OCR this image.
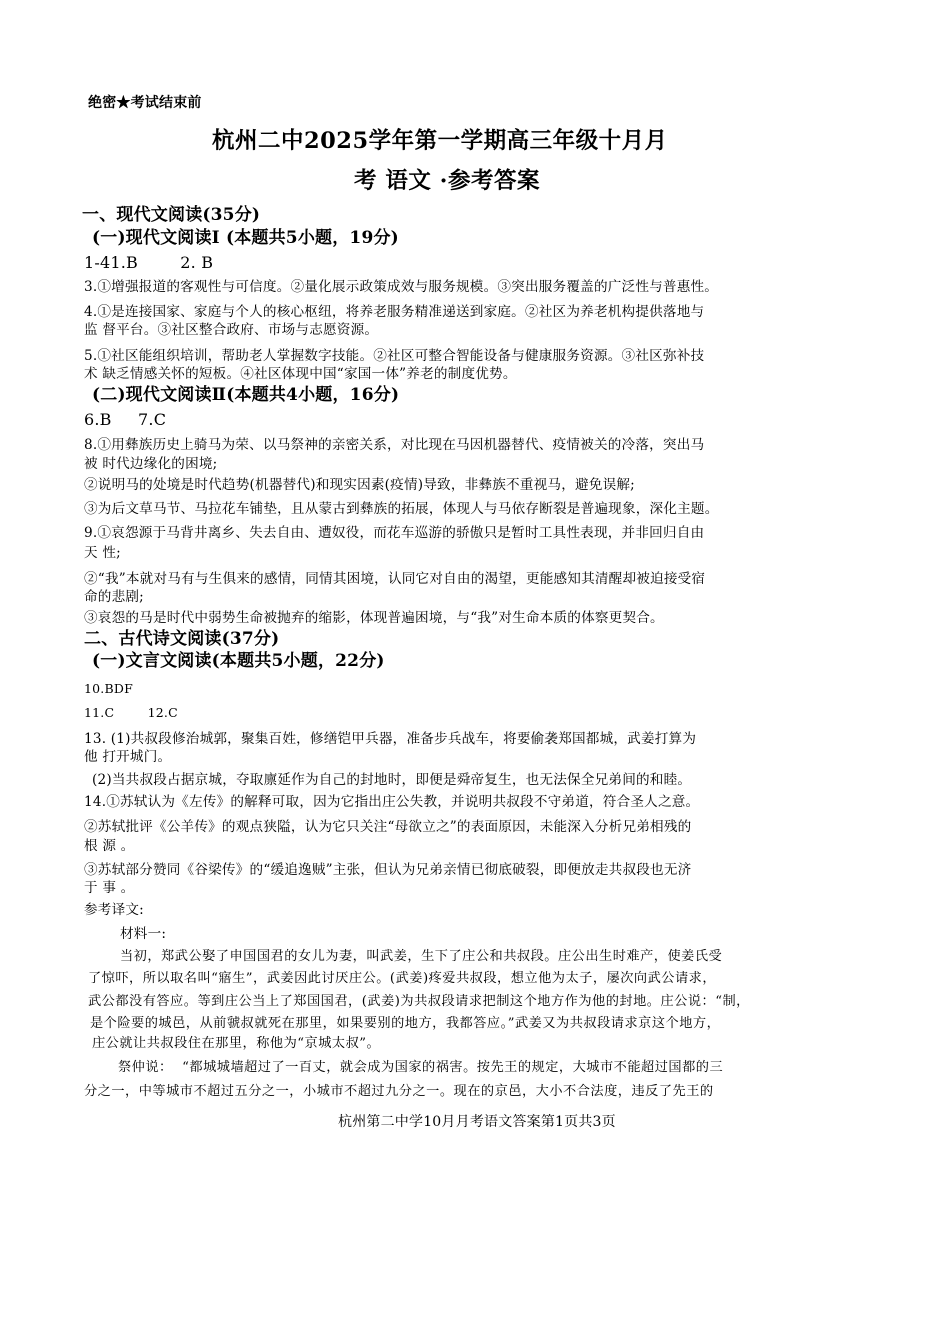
绝密★考试结束前
杭州二中2025学年第一学期高三年级十月月
考 语文 ·参考答案
一、现代文阅读(35分)
(一)现代文阅读Ⅰ (本题共5小题，19分)
1-41.B        2. B
3.①增强报道的客观性与可信度。②量化展示政策成效与服务规模。③突出服务覆盖的广泛性与普惠性。
4.①是连接国家、家庭与个人的核心枢纽，将养老服务精准递送到家庭。②社区为养老机构提供落地与
监 督平台。③社区整合政府、市场与志愿资源。
5.①社区能组织培训，帮助老人掌握数字技能。②社区可整合智能设备与健康服务资源。③社区弥补技
术 缺乏情感关怀的短板。④社区体现中国“家国一体”养老的制度优势。
(二)现代文阅读Ⅱ(本题共4小题，16分)
6.B     7.C
8.①用彝族历史上骑马为荣、以马祭神的亲密关系，对比现在马因机器替代、疫情被关的冷落，突出马
被 时代边缘化的困境;
②说明马的处境是时代趋势(机器替代)和现实因素(疫情)导致，非彝族不重视马，避免误解;
③为后文草马节、马拉花车铺垫，且从蒙古到彝族的拓展，体现人与马依存断裂是普遍现象，深化主题。
9.①哀怨源于马背井离乡、失去自由、遭奴役，而花车巡游的骄傲只是暂时工具性表现，并非回归自由
天 性;
②“我”本就对马有与生俱来的感情，同情其困境，认同它对自由的渴望，更能感知其清醒却被迫接受宿
命的悲剧;
③哀怨的马是时代中弱势生命被抛弃的缩影，体现普遍困境，与“我”对生命本质的体察更契合。
二、古代诗文阅读(37分)
(一)文言文阅读(本题共5小题，22分)
10.BDF
11.C        12.C
13. (1)共叔段修治城郭，聚集百姓，修缮铠甲兵器，准备步兵战车，将要偷袭郑国都城，武姜打算为
他 打开城门。
(2)当共叔段占据京城，夺取廪延作为自己的封地时，即便是舜帝复生，也无法保全兄弟间的和睦。
14.①苏轼认为《左传》的解释可取，因为它指出庄公失教，并说明共叔段不守弟道，符合圣人之意。
②苏轼批评《公羊传》的观点狭隘，认为它只关注“母欲立之”的表面原因，未能深入分析兄弟相残的
根 源 。
③苏轼部分赞同《谷梁传》的“缓追逸贼”主张，但认为兄弟亲情已彻底破裂，即便放走共叔段也无济
于 事 。
参考译文:
材料一:
当初，郑武公娶了申国国君的女儿为妻，叫武姜，生下了庄公和共叔段。庄公出生时难产，使姜氏受
了惊吓，所以取名叫“寤生”，武姜因此讨厌庄公。(武姜)疼爱共叔段，想立他为太子，屡次向武公请求，
武公都没有答应。等到庄公当上了郑国国君，(武姜)为共叔段请求把制这个地方作为他的封地。庄公说：“制，
是个险要的城邑，从前虢叔就死在那里，如果要别的地方，我都答应。”武姜又为共叔段请求京这个地方，
庄公就让共叔段住在那里，称他为“京城太叔”。
祭仲说：  “都城城墙超过了一百丈，就会成为国家的祸害。按先王的规定，大城市不能超过国都的三
分之一，中等城市不超过五分之一，小城市不超过九分之一。现在的京邑，大小不合法度，违反了先王的
杭州第二中学10月月考语文答案第1页共3页
